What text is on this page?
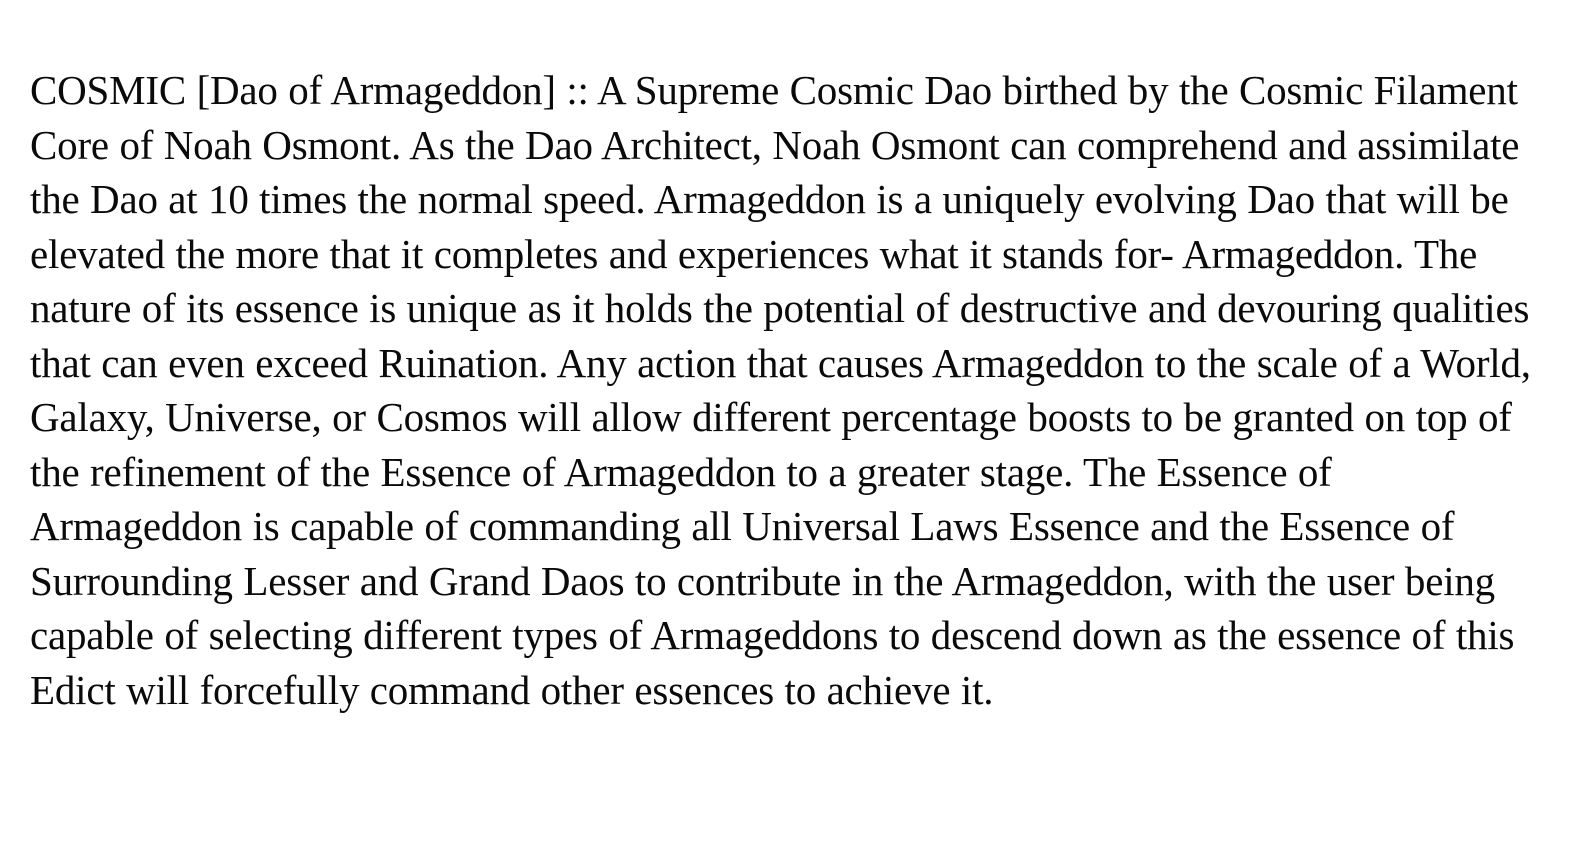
COSMIC [Dao of Armageddon] :: A Supreme Cosmic Dao birthed by the Cosmic Filament Core of Noah Osmont. As the Dao Architect, Noah Osmont can comprehend and assimilate the Dao at 10 times the normal speed. Armageddon is a uniquely evolving Dao that will be elevated the more that it completes and experiences what it stands for- Armageddon. The nature of its essence is unique as it holds the potential of destructive and devouring qualities that can even exceed Ruination. Any action that causes Armageddon to the scale of a World, Galaxy, Universe, or Cosmos will allow different percentage boosts to be granted on top of the refinement of the Essence of Armageddon to a greater stage. The Essence of Armageddon is capable of commanding all Universal Laws Essence and the Essence of Surrounding Lesser and Grand Daos to contribute in the Armageddon, with the user being capable of selecting different types of Armageddons to descend down as the essence of this Edict will forcefully command other essences to achieve it.
